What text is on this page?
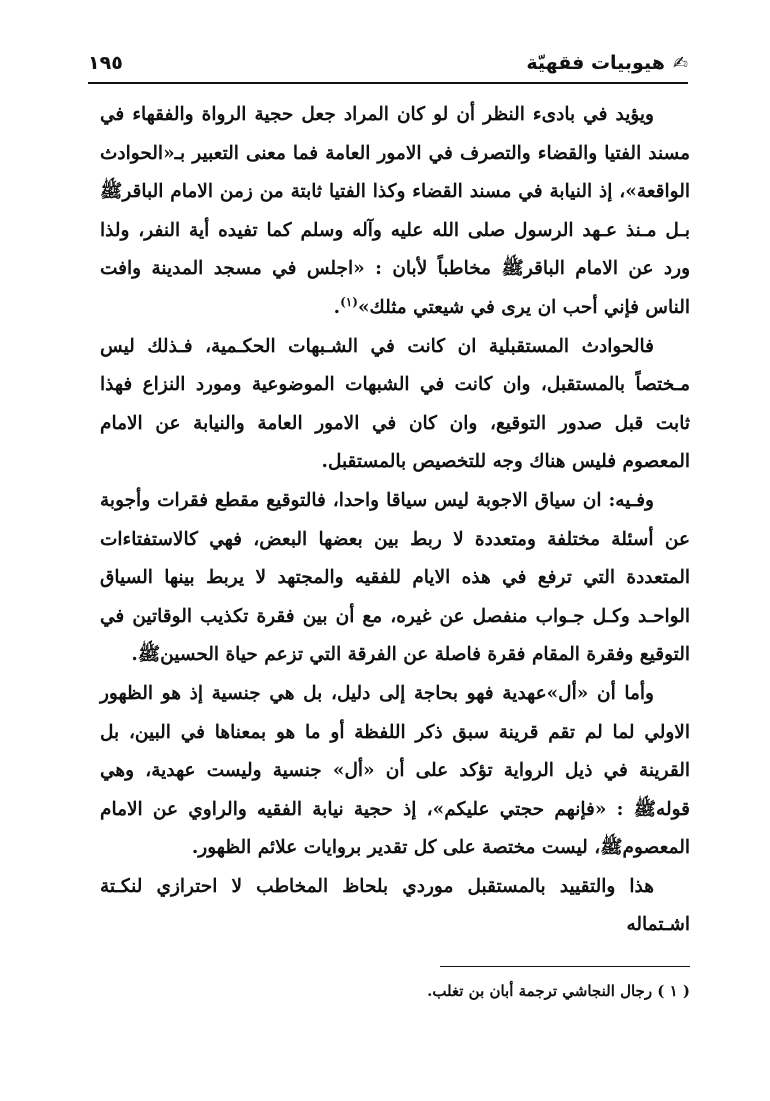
✍هيوبيات فقهيّة
١٩٥

ويؤيد في بادىء النظر أن لو كان المراد جعل حجية الرواة والفقهاء في مسند الفتيا والقضاء والتصرف في الامور العامة فما معنى التعبير بـ«الحوادث الواقعة»، إذ النيابة في مسند القضاء وكذا الفتيا ثابتة من زمن الامام الباقرﷺ بـل مـنذ عـهد الرسول صلى الله عليه وآله وسلم كما تفيده أية النفر، ولذا ورد عن الامام الباقرﷺ مخاطباً لأبان : «اجلس في مسجد المدينة وافت الناس فإني أحب ان يرى في شيعتي مثلك»$^{(١)}$.

فالحوادث المستقبلية ان كانت في الشـبهات الحكـمية، فـذلك ليس مـختصاً بالمستقبل، وان كانت في الشبهات الموضوعية ومورد النزاع فهذا ثابت قبل صدور التوقيع، وان كان في الامور العامة والنيابة عن الامام المعصوم فليس هناك وجه للتخصيص بالمستقبل.

وفـيه: ان سياق الاجوبة ليس سياقا واحدا، فالتوقيع مقطع فقرات وأجوبة عن أسئلة مختلفة ومتعددة لا ربط بين بعضها البعض، فهي كالاستفتاءات المتعددة التي ترفع في هذه الايام للفقيه والمجتهد لا يربط بينها السياق الواحـد وكـل جـواب منفصل عن غيره، مع أن بين فقرة تكذيب الوقاتين في التوقيع وفقرة المقام فقرة فاصلة عن الفرقة التي تزعم حياة الحسينﷺ.

وأما أن «أل»عهدية فهو بحاجة إلى دليل، بل هي جنسية إذ هو الظهور الاولي لما لم تقم قرينة سبق ذكر اللفظة أو ما هو بمعناها في البين، بل القرينة في ذيل الرواية تؤكد على أن «أل» جنسية وليست عهدية، وهي قولهﷺ : «فإنهم حجتي عليكم»، إذ حجية نيابة الفقيه والراوي عن الامام المعصومﷺ، ليست مختصة على كل تقدير بروايات علائم الظهور.

هذا والتقييد بالمستقبل موردي بلحاظ المخاطب لا احترازي لنكـتة اشـتماله

( ١ ) رجال النجاشي ترجمة أبان بن تغلب.
